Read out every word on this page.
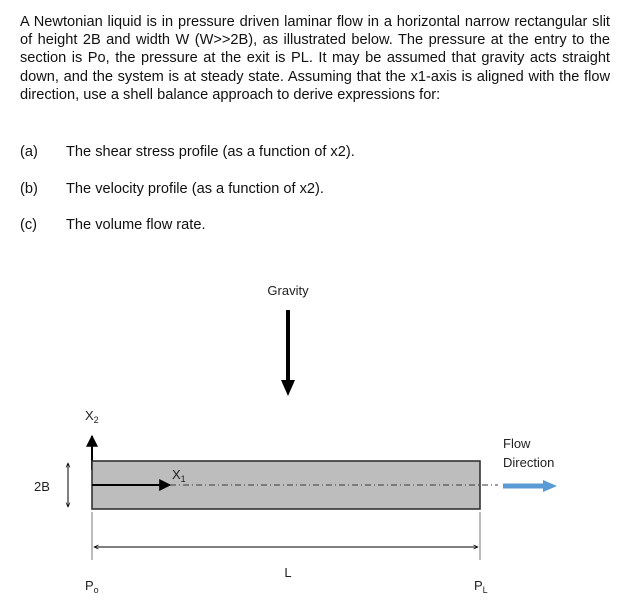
A Newtonian liquid is in pressure driven laminar flow in a horizontal narrow rectangular slit of height 2B and width W (W>>2B), as illustrated below. The pressure at the entry to the section is Po, the pressure at the exit is PL. It may be assumed that gravity acts straight down, and the system is at steady state. Assuming that the x1-axis is aligned with the flow direction, use a shell balance approach to derive expressions for:

(a) The shear stress profile (as a function of x2).
(b) The velocity profile (as a function of x2).
(c) The volume flow rate.
Gravity
$X_2$
$X_1$
Flow
Direction
2B
L
$P_o$	$P_L$
